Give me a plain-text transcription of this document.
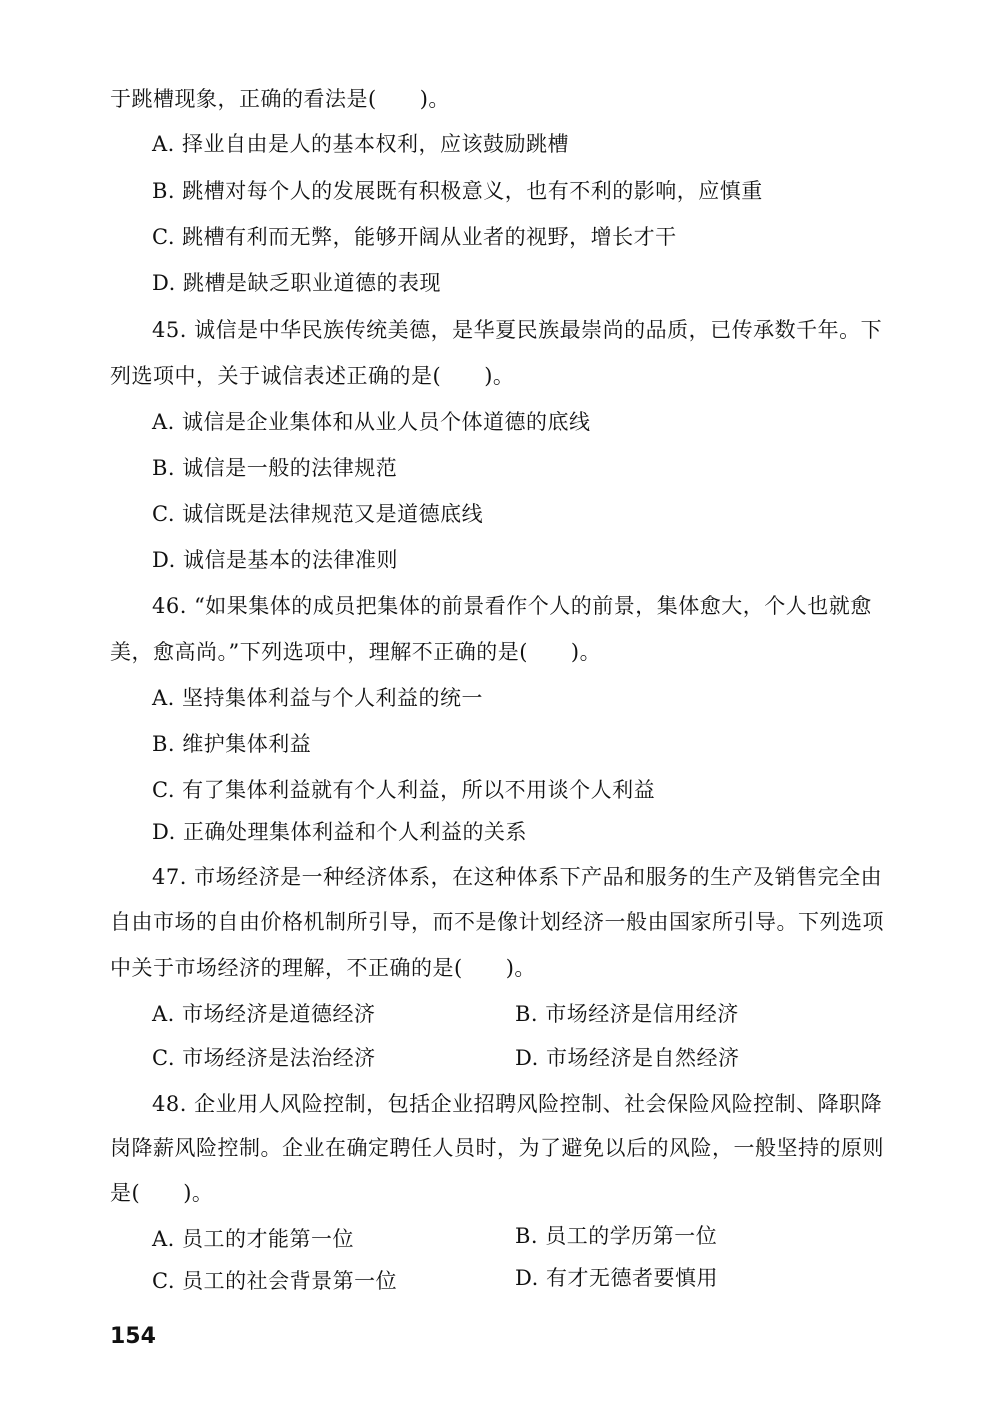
于跳槽现象，正确的看法是(　　)。
A. 择业自由是人的基本权利，应该鼓励跳槽
B. 跳槽对每个人的发展既有积极意义，也有不利的影响，应慎重
C. 跳槽有利而无弊，能够开阔从业者的视野，增长才干
D. 跳槽是缺乏职业道德的表现
45. 诚信是中华民族传统美德，是华夏民族最崇尚的品质，已传承数千年。下
列选项中，关于诚信表述正确的是(　　)。
A. 诚信是企业集体和从业人员个体道德的底线
B. 诚信是一般的法律规范
C. 诚信既是法律规范又是道德底线
D. 诚信是基本的法律准则
46. “如果集体的成员把集体的前景看作个人的前景，集体愈大，个人也就愈
美，愈高尚。”下列选项中，理解不正确的是(　　)。
A. 坚持集体利益与个人利益的统一
B. 维护集体利益
C. 有了集体利益就有个人利益，所以不用谈个人利益
D. 正确处理集体利益和个人利益的关系
47. 市场经济是一种经济体系，在这种体系下产品和服务的生产及销售完全由
自由市场的自由价格机制所引导，而不是像计划经济一般由国家所引导。下列选项
中关于市场经济的理解，不正确的是(　　)。
A. 市场经济是道德经济	B. 市场经济是信用经济
C. 市场经济是法治经济	D. 市场经济是自然经济
48. 企业用人风险控制，包括企业招聘风险控制、社会保险风险控制、降职降
岗降薪风险控制。企业在确定聘任人员时，为了避免以后的风险，一般坚持的原则
是(　　)。
A. 员工的才能第一位	B. 员工的学历第一位
C. 员工的社会背景第一位	D. 有才无德者要慎用
154
